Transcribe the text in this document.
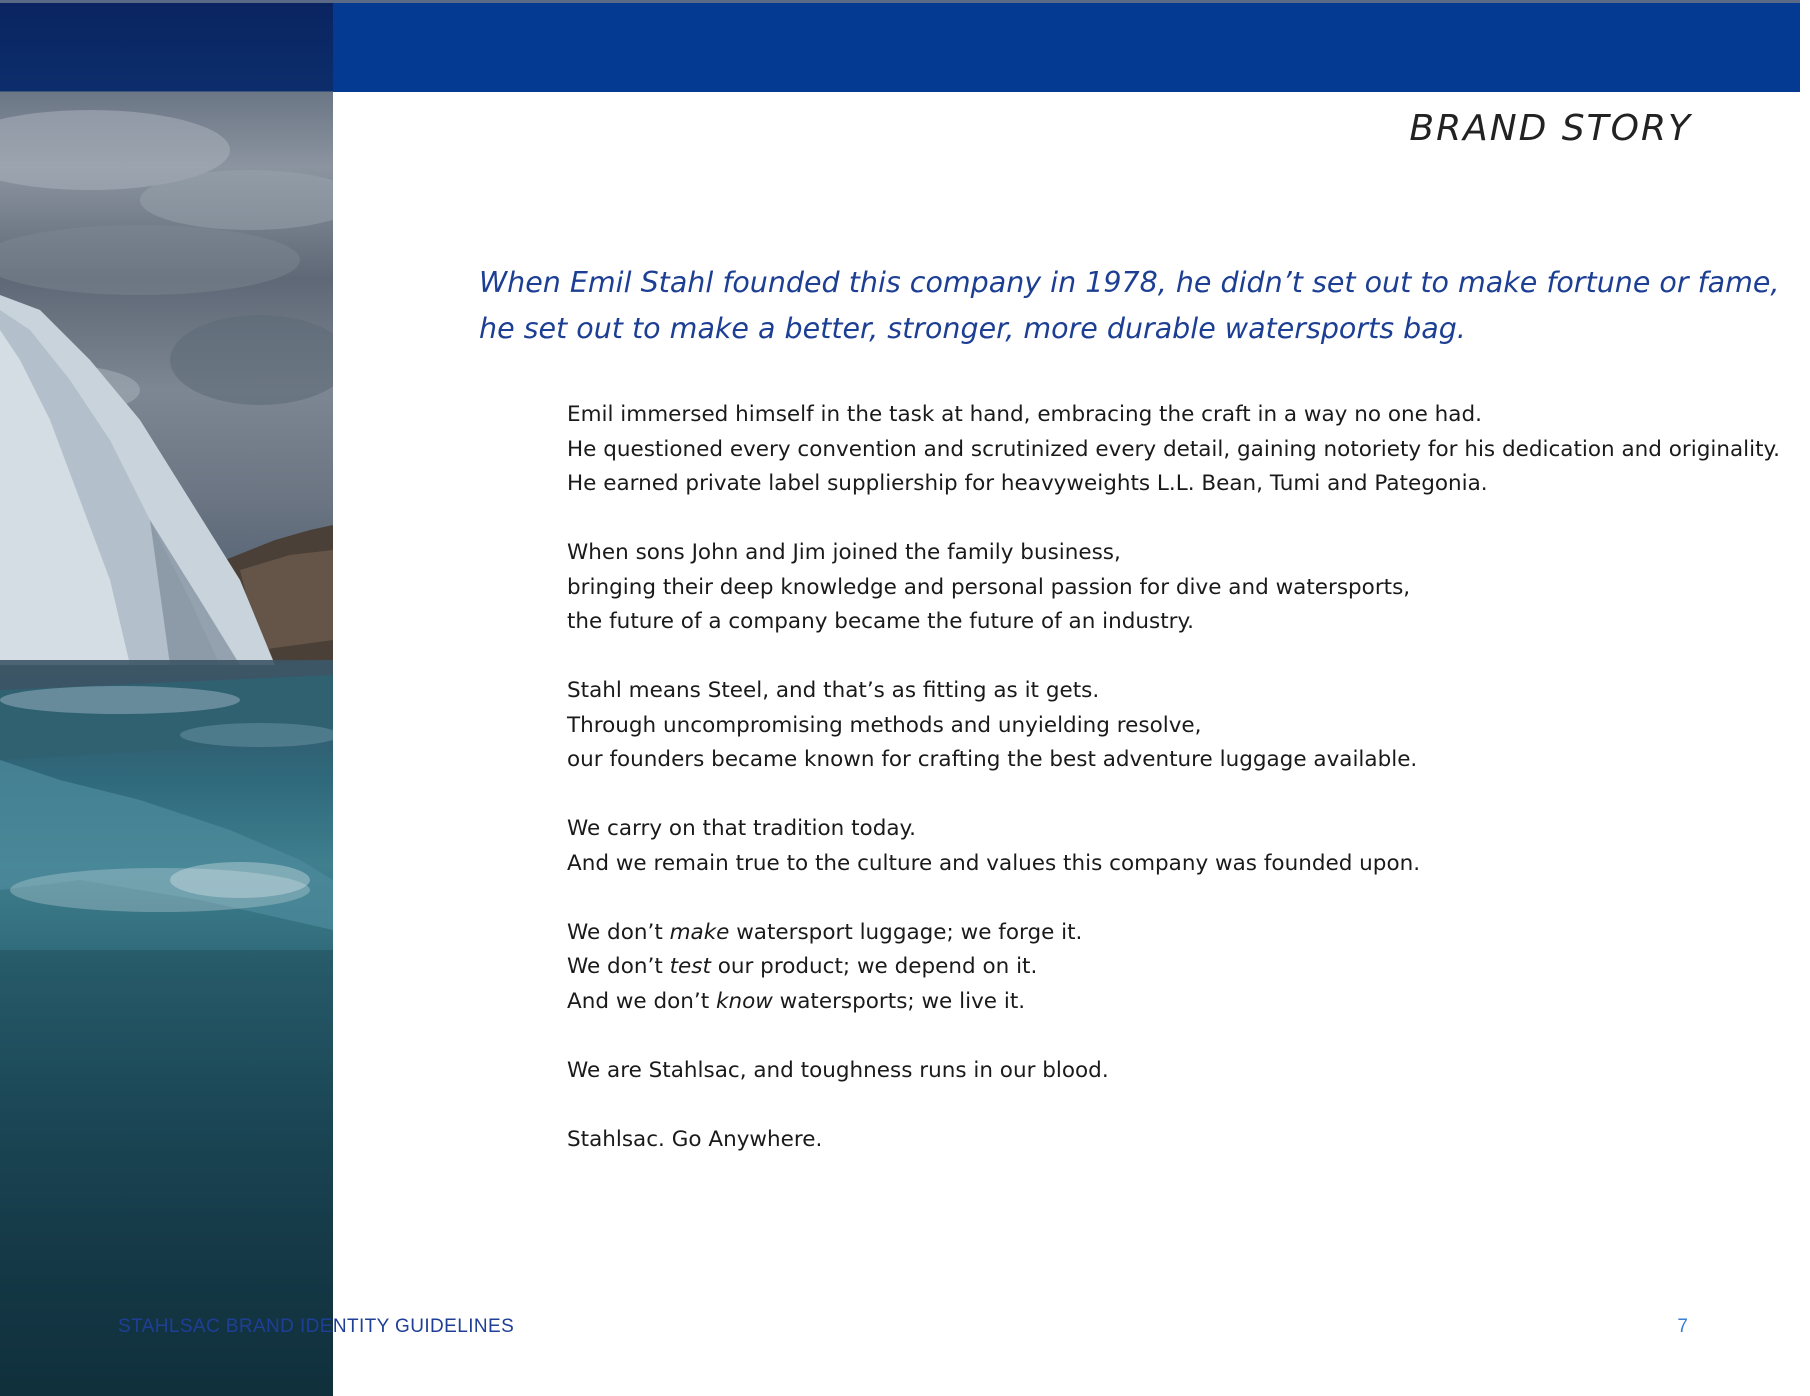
BRAND STORY

When Emil Stahl founded this company in 1978, he didn’t set out to make fortune or fame,
he set out to make a better, stronger, more durable watersports bag.

Emil immersed himself in the task at hand, embracing the craft in a way no one had.
He questioned every convention and scrutinized every detail, gaining notoriety for his dedication and originality.
He earned private label suppliership for heavyweights L.L. Bean, Tumi and Pategonia.

When sons John and Jim joined the family business,
bringing their deep knowledge and personal passion for dive and watersports,
the future of a company became the future of an industry.

Stahl means Steel, and that’s as fitting as it gets.
Through uncompromising methods and unyielding resolve,
our founders became known for crafting the best adventure luggage available.

We carry on that tradition today.
And we remain true to the culture and values this company was founded upon.

We don’t make watersport luggage; we forge it.
We don’t test our product; we depend on it.
And we don’t know watersports; we live it.

We are Stahlsac, and toughness runs in our blood.

Stahlsac. Go Anywhere.

STAHLSAC BRAND IDENTITY GUIDELINES	7
